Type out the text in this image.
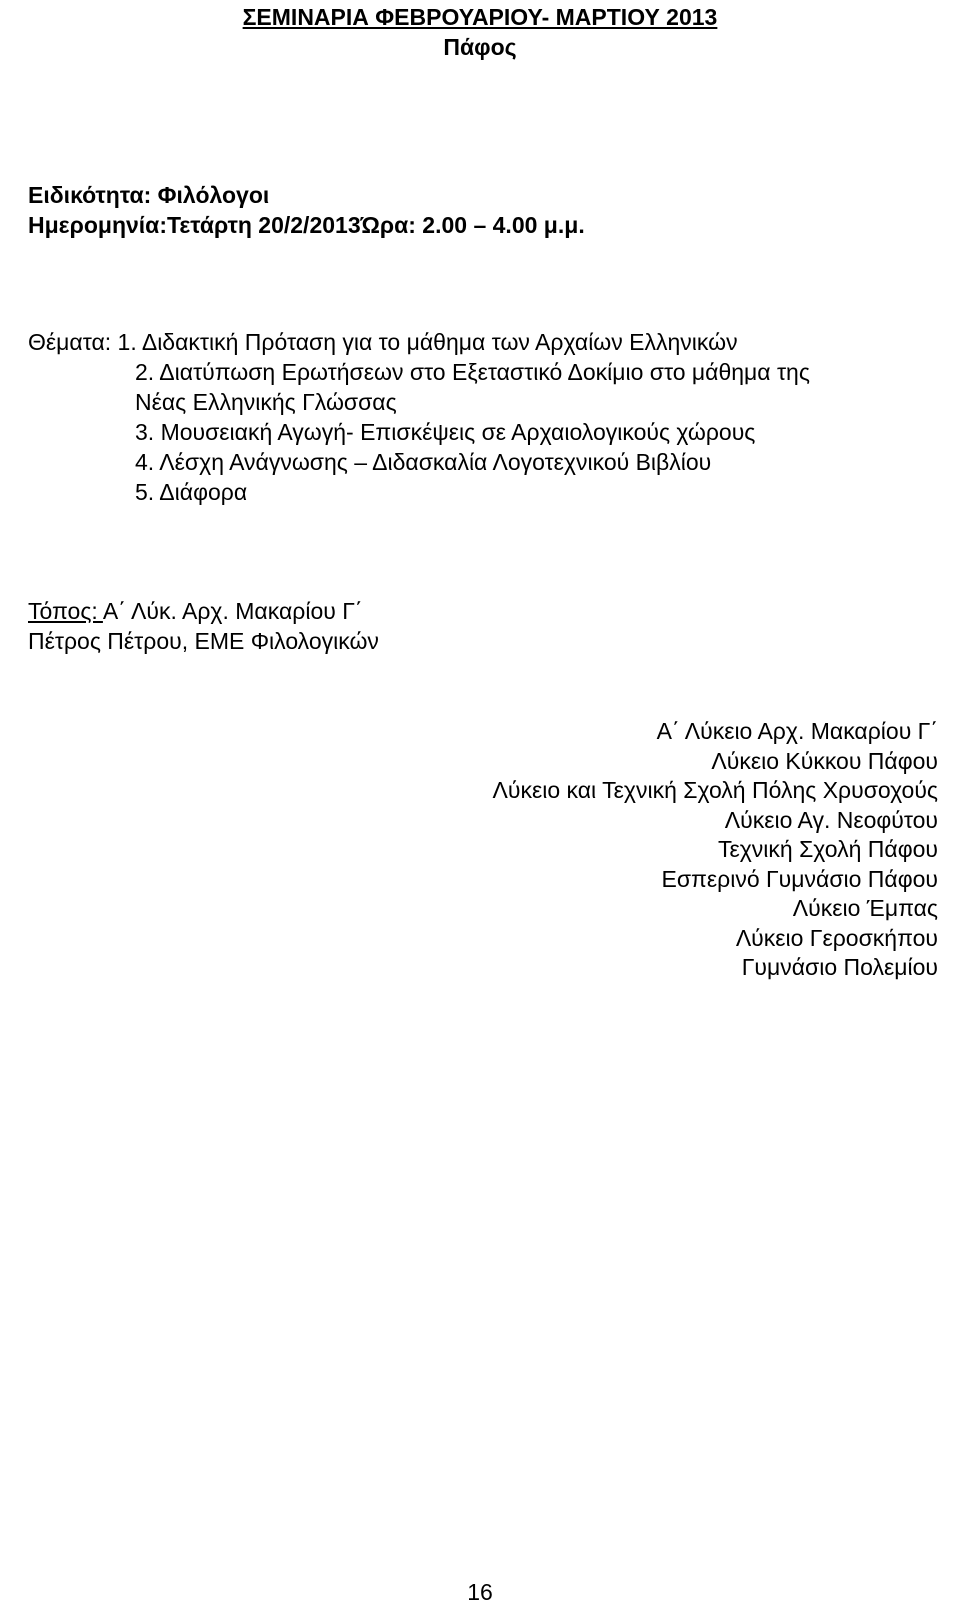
ΣΕΜΙΝΑΡΙΑ ΦΕΒΡΟΥΑΡΙΟΥ- ΜΑΡΤΙΟΥ 2013
Πάφος
Ειδικότητα: Φιλόλογοι
Ημερομηνία:Τετάρτη 20/2/2013Ώρα: 2.00 – 4.00 μ.μ.
Θέματα: 1. Διδακτική Πρόταση για το μάθημα των Αρχαίων Ελληνικών
2. Διατύπωση Ερωτήσεων στο Εξεταστικό Δοκίμιο στο μάθημα της Νέας Ελληνικής Γλώσσας
3. Μουσειακή Αγωγή- Επισκέψεις σε Αρχαιολογικούς χώρους
4. Λέσχη Ανάγνωσης – Διδασκαλία Λογοτεχνικού Βιβλίου
5. Διάφορα
Τόπος: Α΄ Λύκ. Αρχ. Μακαρίου Γ΄
Πέτρος Πέτρου, ΕΜΕ Φιλολογικών
Α΄ Λύκειο Αρχ. Μακαρίου Γ΄
Λύκειο Κύκκου Πάφου
Λύκειο και Τεχνική Σχολή Πόλης Χρυσοχούς
Λύκειο Αγ. Νεοφύτου
Τεχνική Σχολή Πάφου
Εσπερινό Γυμνάσιο Πάφου
Λύκειο Έμπας
Λύκειο Γεροσκήπου
Γυμνάσιο Πολεμίου
16
